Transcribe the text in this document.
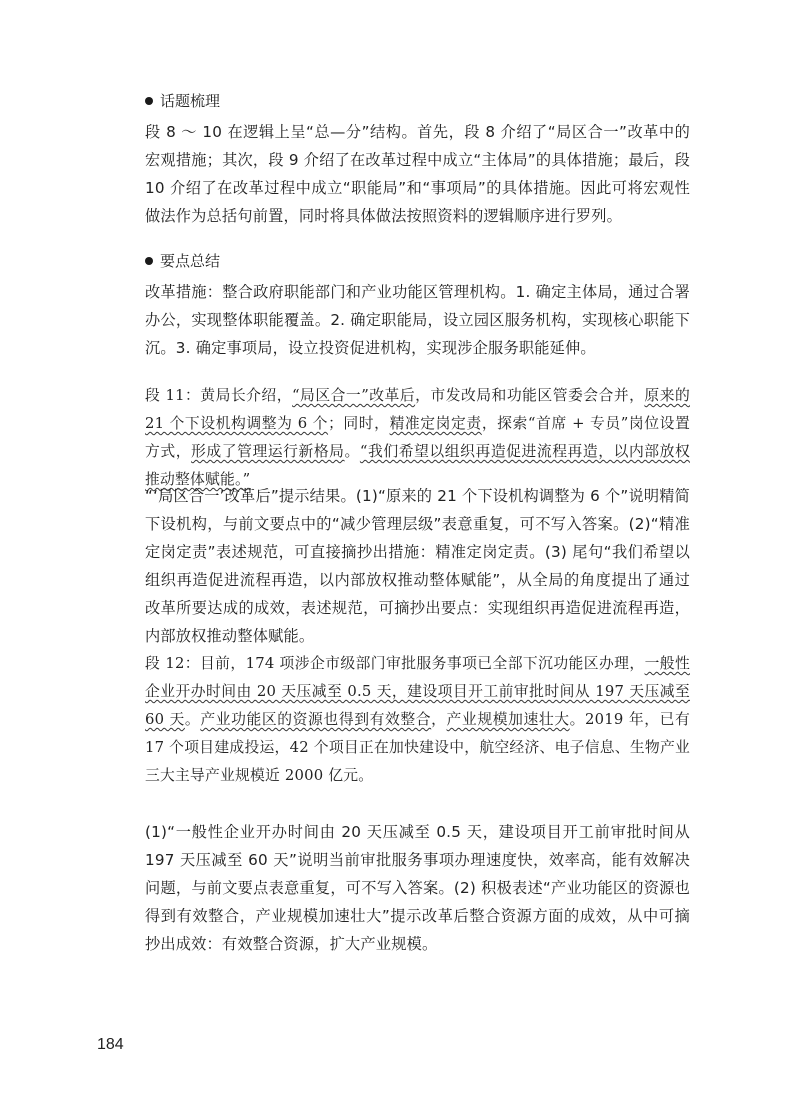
话题梳理
段 8 ～ 10 在逻辑上呈“总—分”结构。首先，段 8 介绍了“局区合一”改革中的宏观措施；其次，段 9 介绍了在改革过程中成立“主体局”的具体措施；最后，段 10 介绍了在改革过程中成立“职能局”和“事项局”的具体措施。因此可将宏观性做法作为总括句前置，同时将具体做法按照资料的逻辑顺序进行罗列。
要点总结
改革措施：整合政府职能部门和产业功能区管理机构。1. 确定主体局，通过合署办公，实现整体职能覆盖。2. 确定职能局，设立园区服务机构，实现核心职能下沉。3. 确定事项局，设立投资促进机构，实现涉企服务职能延伸。
段 11：黄局长介绍，“局区合一”改革后，市发改局和功能区管委会合并，原来的 21 个下设机构调整为 6 个；同时，精准定岗定责，探索“首席 + 专员”岗位设置方式，形成了管理运行新格局。“我们希望以组织再造促进流程再造，以内部放权推动整体赋能。”
“‘局区合一’改革后”提示结果。(1)“原来的 21 个下设机构调整为 6 个”说明精简下设机构，与前文要点中的“减少管理层级”表意重复，可不写入答案。(2)“精准定岗定责”表述规范，可直接摘抄出措施：精准定岗定责。(3) 尾句“我们希望以组织再造促进流程再造，以内部放权推动整体赋能”，从全局的角度提出了通过改革所要达成的成效，表述规范，可摘抄出要点：实现组织再造促进流程再造，内部放权推动整体赋能。
段 12：目前，174 项涉企市级部门审批服务事项已全部下沉功能区办理，一般性企业开办时间由 20 天压减至 0.5 天，建设项目开工前审批时间从 197 天压减至 60 天。产业功能区的资源也得到有效整合，产业规模加速壮大。2019 年，已有 17 个项目建成投运，42 个项目正在加快建设中，航空经济、电子信息、生物产业三大主导产业规模近 2000 亿元。
(1)“一般性企业开办时间由 20 天压减至 0.5 天，建设项目开工前审批时间从 197 天压减至 60 天”说明当前审批服务事项办理速度快，效率高，能有效解决问题，与前文要点表意重复，可不写入答案。(2) 积极表述“产业功能区的资源也得到有效整合，产业规模加速壮大”提示改革后整合资源方面的成效，从中可摘抄出成效：有效整合资源，扩大产业规模。
184
